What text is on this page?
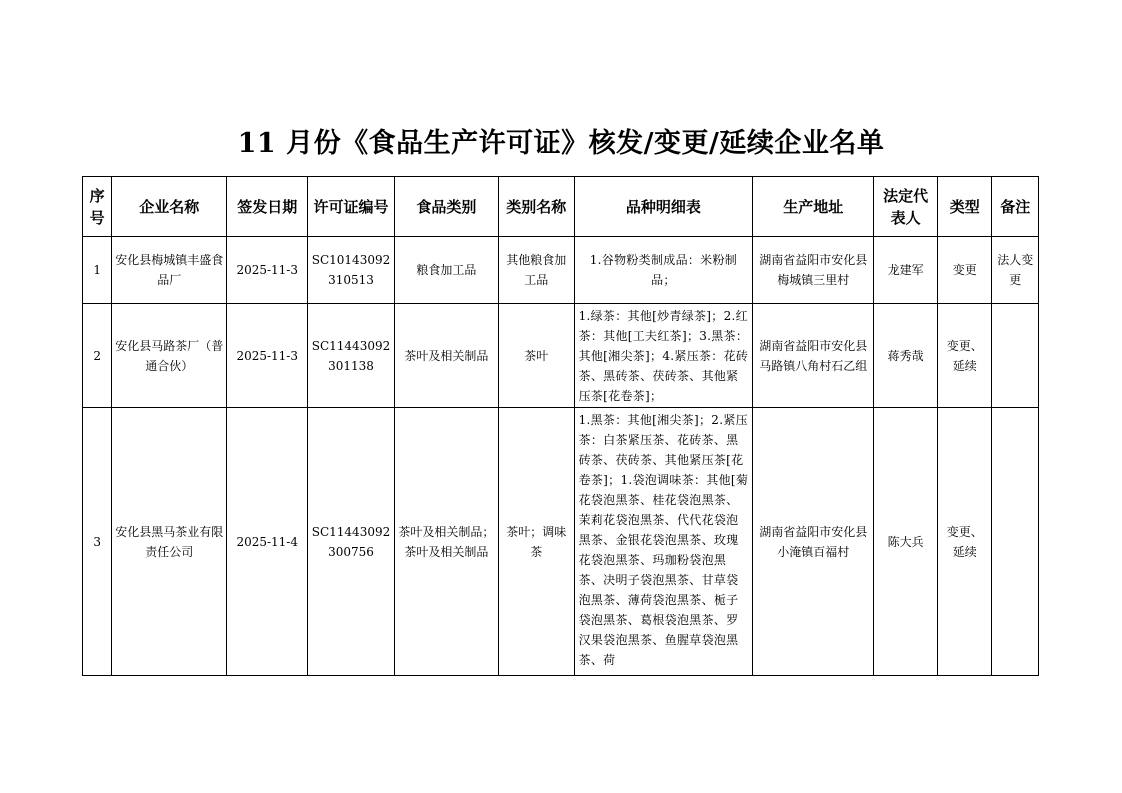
11 月份《食品生产许可证》核发/变更/延续企业名单
序号	企业名称	签发日期	许可证编号	食品类别	类别名称	品种明细表	生产地址	法定代表人	类型	备注
1	安化县梅城镇丰盛食品厂	2025-11-3	SC10143092310513	粮食加工品	其他粮食加工品	1.谷物粉类制成品：米粉制品；	湖南省益阳市安化县梅城镇三里村	龙建军	变更	法人变更
2	安化县马路茶厂（普通合伙）	2025-11-3	SC11443092301138	茶叶及相关制品	茶叶	1.绿茶：其他[炒青绿茶]；2.红茶：其他[工夫红茶]；3.黑茶：其他[湘尖茶]；4.紧压茶：花砖茶、黑砖茶、茯砖茶、其他紧压茶[花卷茶]；	湖南省益阳市安化县马路镇八角村石乙组	蒋秀哉	变更、延续	
3	安化县黑马茶业有限责任公司	2025-11-4	SC11443092300756	茶叶及相关制品；茶叶及相关制品	茶叶；调味茶	1.黑茶：其他[湘尖茶]；2.紧压茶：白茶紧压茶、花砖茶、黑砖茶、茯砖茶、其他紧压茶[花卷茶]；1.袋泡调味茶：其他[菊花袋泡黑茶、桂花袋泡黑茶、茉莉花袋泡黑茶、代代花袋泡黑茶、金银花袋泡黑茶、玫瑰花袋泡黑茶、玛珈粉袋泡黑茶、决明子袋泡黑茶、甘草袋泡黑茶、薄荷袋泡黑茶、栀子袋泡黑茶、葛根袋泡黑茶、罗汉果袋泡黑茶、鱼腥草袋泡黑茶、荷	湖南省益阳市安化县小淹镇百福村	陈大兵	变更、延续	
